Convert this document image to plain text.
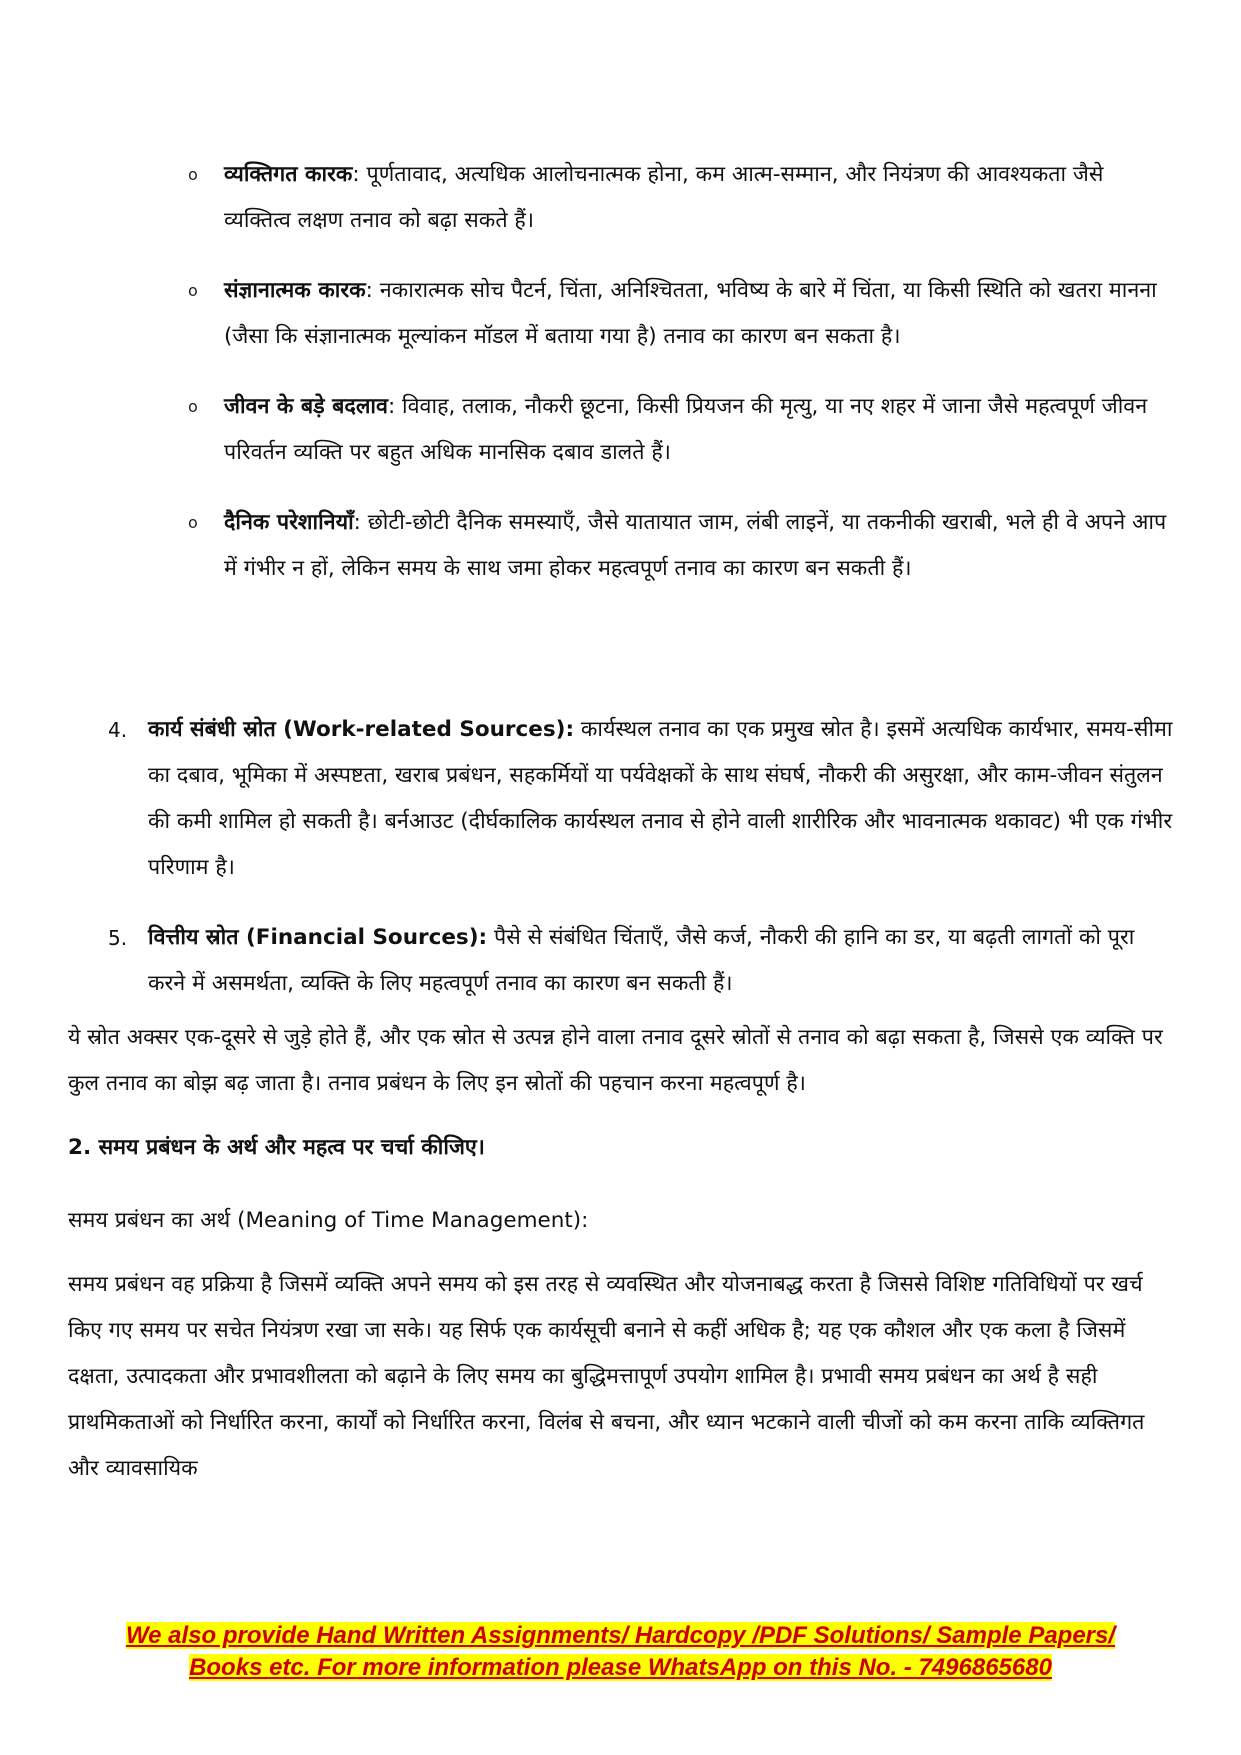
o व्यक्तिगत कारक: पूर्णतावाद, अत्यधिक आलोचनात्मक होना, कम आत्म-सम्मान, और नियंत्रण की आवश्यकता जैसे व्यक्तित्व लक्षण तनाव को बढ़ा सकते हैं।
o संज्ञानात्मक कारक: नकारात्मक सोच पैटर्न, चिंता, अनिश्चितता, भविष्य के बारे में चिंता, या किसी स्थिति को खतरा मानना (जैसा कि संज्ञानात्मक मूल्यांकन मॉडल में बताया गया है) तनाव का कारण बन सकता है।
o जीवन के बड़े बदलाव: विवाह, तलाक, नौकरी छूटना, किसी प्रियजन की मृत्यु, या नए शहर में जाना जैसे महत्वपूर्ण जीवन परिवर्तन व्यक्ति पर बहुत अधिक मानसिक दबाव डालते हैं।
o दैनिक परेशानियाँ: छोटी-छोटी दैनिक समस्याएँ, जैसे यातायात जाम, लंबी लाइनें, या तकनीकी खराबी, भले ही वे अपने आप में गंभीर न हों, लेकिन समय के साथ जमा होकर महत्वपूर्ण तनाव का कारण बन सकती हैं।
4. कार्य संबंधी स्रोत (Work-related Sources): कार्यस्थल तनाव का एक प्रमुख स्रोत है। इसमें अत्यधिक कार्यभार, समय-सीमा का दबाव, भूमिका में अस्पष्टता, खराब प्रबंधन, सहकर्मियों या पर्यवेक्षकों के साथ संघर्ष, नौकरी की असुरक्षा, और काम-जीवन संतुलन की कमी शामिल हो सकती है। बर्नआउट (दीर्घकालिक कार्यस्थल तनाव से होने वाली शारीरिक और भावनात्मक थकावट) भी एक गंभीर परिणाम है।
5. वित्तीय स्रोत (Financial Sources): पैसे से संबंधित चिंताएँ, जैसे कर्ज, नौकरी की हानि का डर, या बढ़ती लागतों को पूरा करने में असमर्थता, व्यक्ति के लिए महत्वपूर्ण तनाव का कारण बन सकती हैं।

ये स्रोत अक्सर एक-दूसरे से जुड़े होते हैं, और एक स्रोत से उत्पन्न होने वाला तनाव दूसरे स्रोतों से तनाव को बढ़ा सकता है, जिससे एक व्यक्ति पर कुल तनाव का बोझ बढ़ जाता है। तनाव प्रबंधन के लिए इन स्रोतों की पहचान करना महत्वपूर्ण है।

2. समय प्रबंधन के अर्थ और महत्व पर चर्चा कीजिए।

समय प्रबंधन का अर्थ (Meaning of Time Management):

समय प्रबंधन वह प्रक्रिया है जिसमें व्यक्ति अपने समय को इस तरह से व्यवस्थित और योजनाबद्ध करता है जिससे विशिष्ट गतिविधियों पर खर्च किए गए समय पर सचेत नियंत्रण रखा जा सके। यह सिर्फ एक कार्यसूची बनाने से कहीं अधिक है; यह एक कौशल और एक कला है जिसमें दक्षता, उत्पादकता और प्रभावशीलता को बढ़ाने के लिए समय का बुद्धिमत्तापूर्ण उपयोग शामिल है। प्रभावी समय प्रबंधन का अर्थ है सही प्राथमिकताओं को निर्धारित करना, कार्यों को निर्धारित करना, विलंब से बचना, और ध्यान भटकाने वाली चीजों को कम करना ताकि व्यक्तिगत और व्यावसायिक

We also provide Hand Written Assignments/ Hardcopy /PDF Solutions/ Sample Papers/
Books etc. For more information please WhatsApp on this No. - 7496865680
